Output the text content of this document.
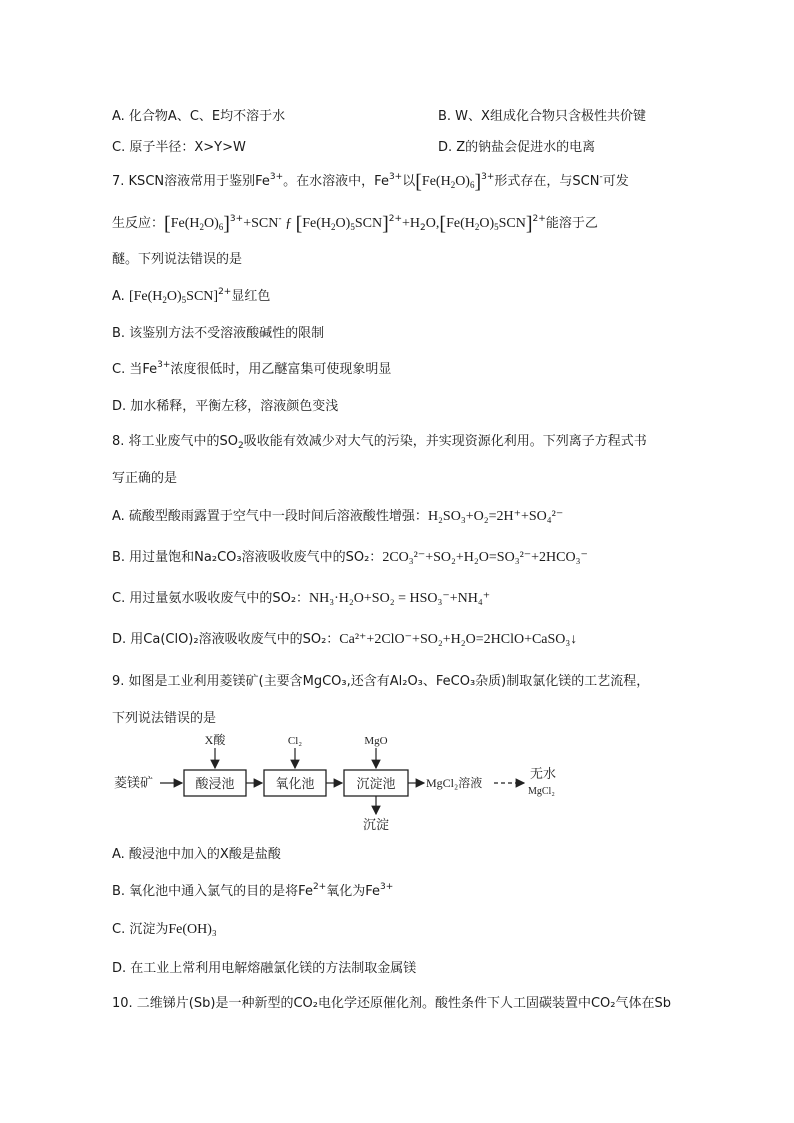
A. 化合物A、C、E均不溶于水	B. W、X组成化合物只含极性共价键
C. 原子半径：X>Y>W	D. Z的钠盐会促进水的电离
7. KSCN溶液常用于鉴别$Fe^{3+}$。在水溶液中，$Fe^{3+}$以$[Fe(H_2O)_6]^{3+}$形式存在，与SCN-可发
生反应：$[Fe(H_2O)_6]^{3+}+SCN^-$ ƒ $[Fe(H_2O)_5SCN]^{2+}+H_2O,[Fe(H_2O)_5SCN]^{2+}$能溶于乙
醚。下列说法错误的是
A. $[Fe(H_2O)_5SCN]^{2+}$显红色
B. 该鉴别方法不受溶液酸碱性的限制
C. 当$Fe^{3+}$浓度很低时，用乙醚富集可使现象明显
D. 加水稀释，平衡左移，溶液颜色变浅
8. 将工业废气中的$SO_2$吸收能有效减少对大气的污染，并实现资源化利用。下列离子方程式书
写正确的是
A. 硫酸型酸雨露置于空气中一段时间后溶液酸性增强：H₂SO₃+O₂=2H⁺+SO₄²⁻
B. 用过量饱和Na₂CO₃溶液吸收废气中的SO₂：2CO₃²⁻+SO₂+H₂O=SO₃²⁻+2HCO₃⁻
C. 用过量氨水吸收废气中的SO₂：NH₃·H₂O+SO₂ = HSO₃⁻+NH₄⁺
D. 用Ca(ClO)₂溶液吸收废气中的SO₂：Ca²⁺+2ClO⁻+SO₂+H₂O=2HClO+CaSO₃↓
9. 如图是工业利用菱镁矿(主要含MgCO₃,还含有Al₂O₃、FeCO₃杂质)制取氯化镁的工艺流程，
下列说法错误的是
菱镁矿	酸浸池
X酸
氧化池
Cl₂
沉淀池
MgO
沉淀
MgCl₂溶液
无水
MgCl₂
A. 酸浸池中加入的X酸是盐酸
B. 氧化池中通入氯气的目的是将$Fe^{2+}$氧化为$Fe^{3+}$
C. 沉淀为Fe(OH)₃
D. 在工业上常利用电解熔融氯化镁的方法制取金属镁
10. 二维锑片(Sb)是一种新型的CO₂电化学还原催化剂。酸性条件下人工固碳装置中CO₂气体在Sb
